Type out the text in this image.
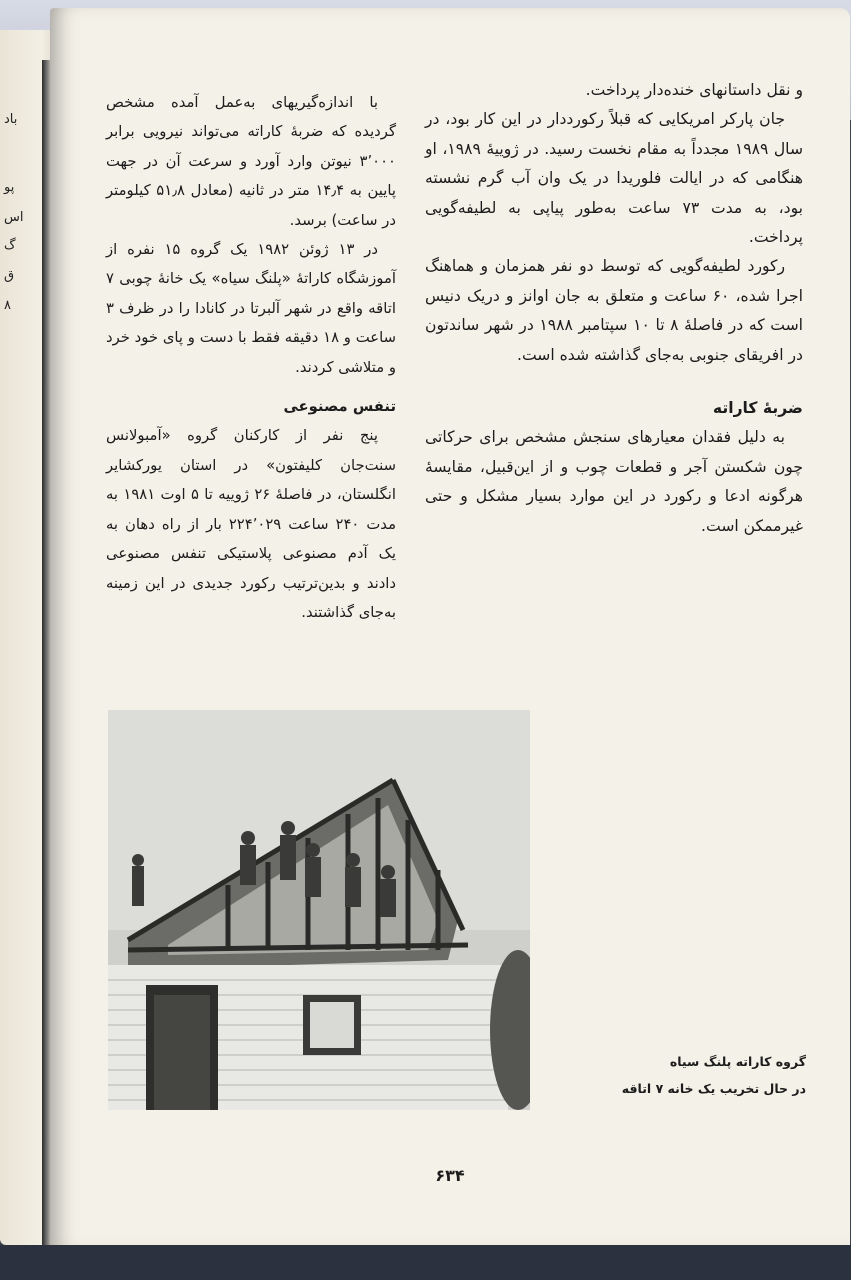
باد
پو
اس
گ
ق
۸

و نقل داستانهای خنده‌دار پرداخت.

جان پارکر امریکایی که قبلاً رکورددار در این کار بود، در سال ۱۹۸۹ مجدداً به مقام نخست رسید. در ژوییهٔ ۱۹۸۹، او هنگامی که در ایالت فلوریدا در یک وان آب گرم نشسته بود، به مدت ۷۳ ساعت به‌طور پیاپی به لطیفه‌گویی پرداخت.

رکورد لطیفه‌گویی که توسط دو نفر همزمان و هماهنگ اجرا شده، ۶۰ ساعت و متعلق به جان اوانز و دریک دنیس است که در فاصلهٔ ۸ تا ۱۰ سپتامبر ۱۹۸۸ در شهر ساندتون در افریقای جنوبی به‌جای گذاشته شده است.

ضربهٔ کاراته

به دلیل فقدان معیارهای سنجش مشخص برای حرکاتی چون شکستن آجر و قطعات چوب و از این‌قبیل، مقایسهٔ هرگونه ادعا و رکورد در این موارد بسیار مشکل و حتی غیرممکن است.

با اندازه‌گیریهای به‌عمل آمده مشخص گردیده که ضربهٔ کاراته می‌تواند نیرویی برابر ۳٬۰۰۰ نیوتن وارد آورد و سرعت آن در جهت پایین به ۱۴٫۴ متر در ثانیه (معادل ۵۱٫۸ کیلومتر در ساعت) برسد.

در ۱۳ ژوئن ۱۹۸۲ یک گروه ۱۵ نفره از آموزشگاه کاراتهٔ «پلنگ سیاه» یک خانهٔ چوبی ۷ اتاقه واقع در شهر آلبرتا در کانادا را در ظرف ۳ ساعت و ۱۸ دقیقه فقط با دست و پای خود خرد و متلاشی کردند.

تنفس مصنوعی

پنج نفر از کارکنان گروه «آمبولانس سنت‌جان کلیفتون» در استان یورکشایر انگلستان، در فاصلهٔ ۲۶ ژوییه تا ۵ اوت ۱۹۸۱ به مدت ۲۴۰ ساعت ۲۲۴٬۰۲۹ بار از راه دهان به یک آدم مصنوعی پلاستیکی تنفس مصنوعی دادند و بدین‌ترتیب رکورد جدیدی در این زمینه به‌جای گذاشتند.

گروه کاراته پلنگ سیاه
در حال تخریب یک خانه ۷ اتاقه
۶۳۴
